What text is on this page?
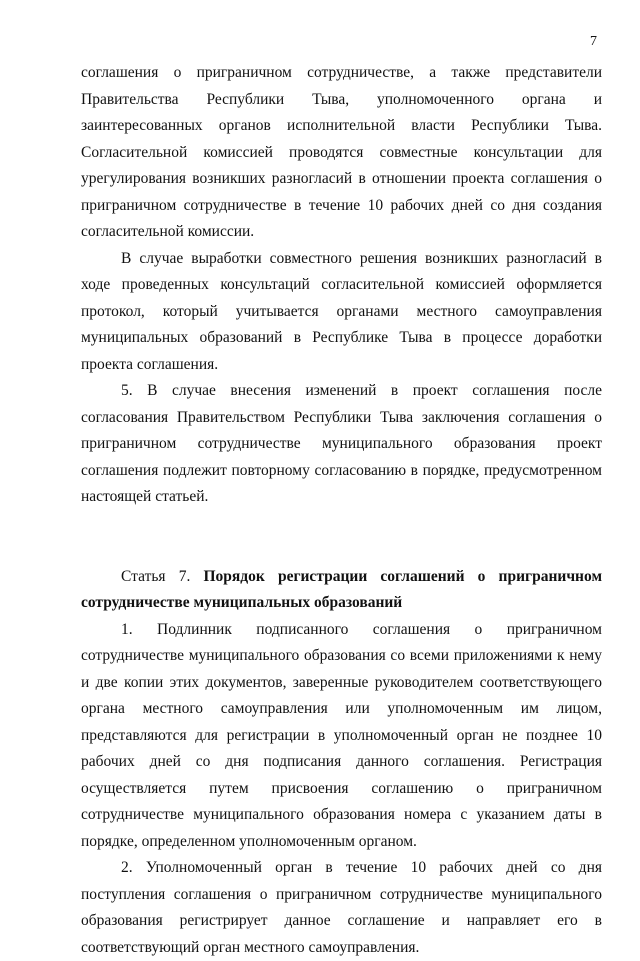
7

соглашения о приграничном сотрудничестве, а также представители Правительства Республики Тыва, уполномоченного органа и заинтересованных органов исполнительной власти Республики Тыва. Согласительной комиссией проводятся совместные консультации для урегулирования возникших разногласий в отношении проекта соглашения о приграничном сотрудничестве в течение 10 рабочих дней со дня создания согласительной комиссии.

В случае выработки совместного решения возникших разногласий в ходе проведенных консультаций согласительной комиссией оформляется протокол, который учитывается органами местного самоуправления муниципальных образований в Республике Тыва в процессе доработки проекта соглашения.

5. В случае внесения изменений в проект соглашения после согласования Правительством Республики Тыва заключения соглашения о приграничном сотрудничестве муниципального образования проект соглашения подлежит повторному согласованию в порядке, предусмотренном настоящей статьей.

Статья 7. Порядок регистрации соглашений о приграничном сотрудничестве муниципальных образований

1. Подлинник подписанного соглашения о приграничном сотрудничестве муниципального образования со всеми приложениями к нему и две копии этих документов, заверенные руководителем соответствующего органа местного самоуправления или уполномоченным им лицом, представляются для регистрации в уполномоченный орган не позднее 10 рабочих дней со дня подписания данного соглашения. Регистрация осуществляется путем присвоения соглашению о приграничном сотрудничестве муниципального образования номера с указанием даты в порядке, определенном уполномоченным органом.

2. Уполномоченный орган в течение 10 рабочих дней со дня поступления соглашения о приграничном сотрудничестве муниципального образования регистрирует данное соглашение и направляет его в соответствующий орган местного самоуправления.
